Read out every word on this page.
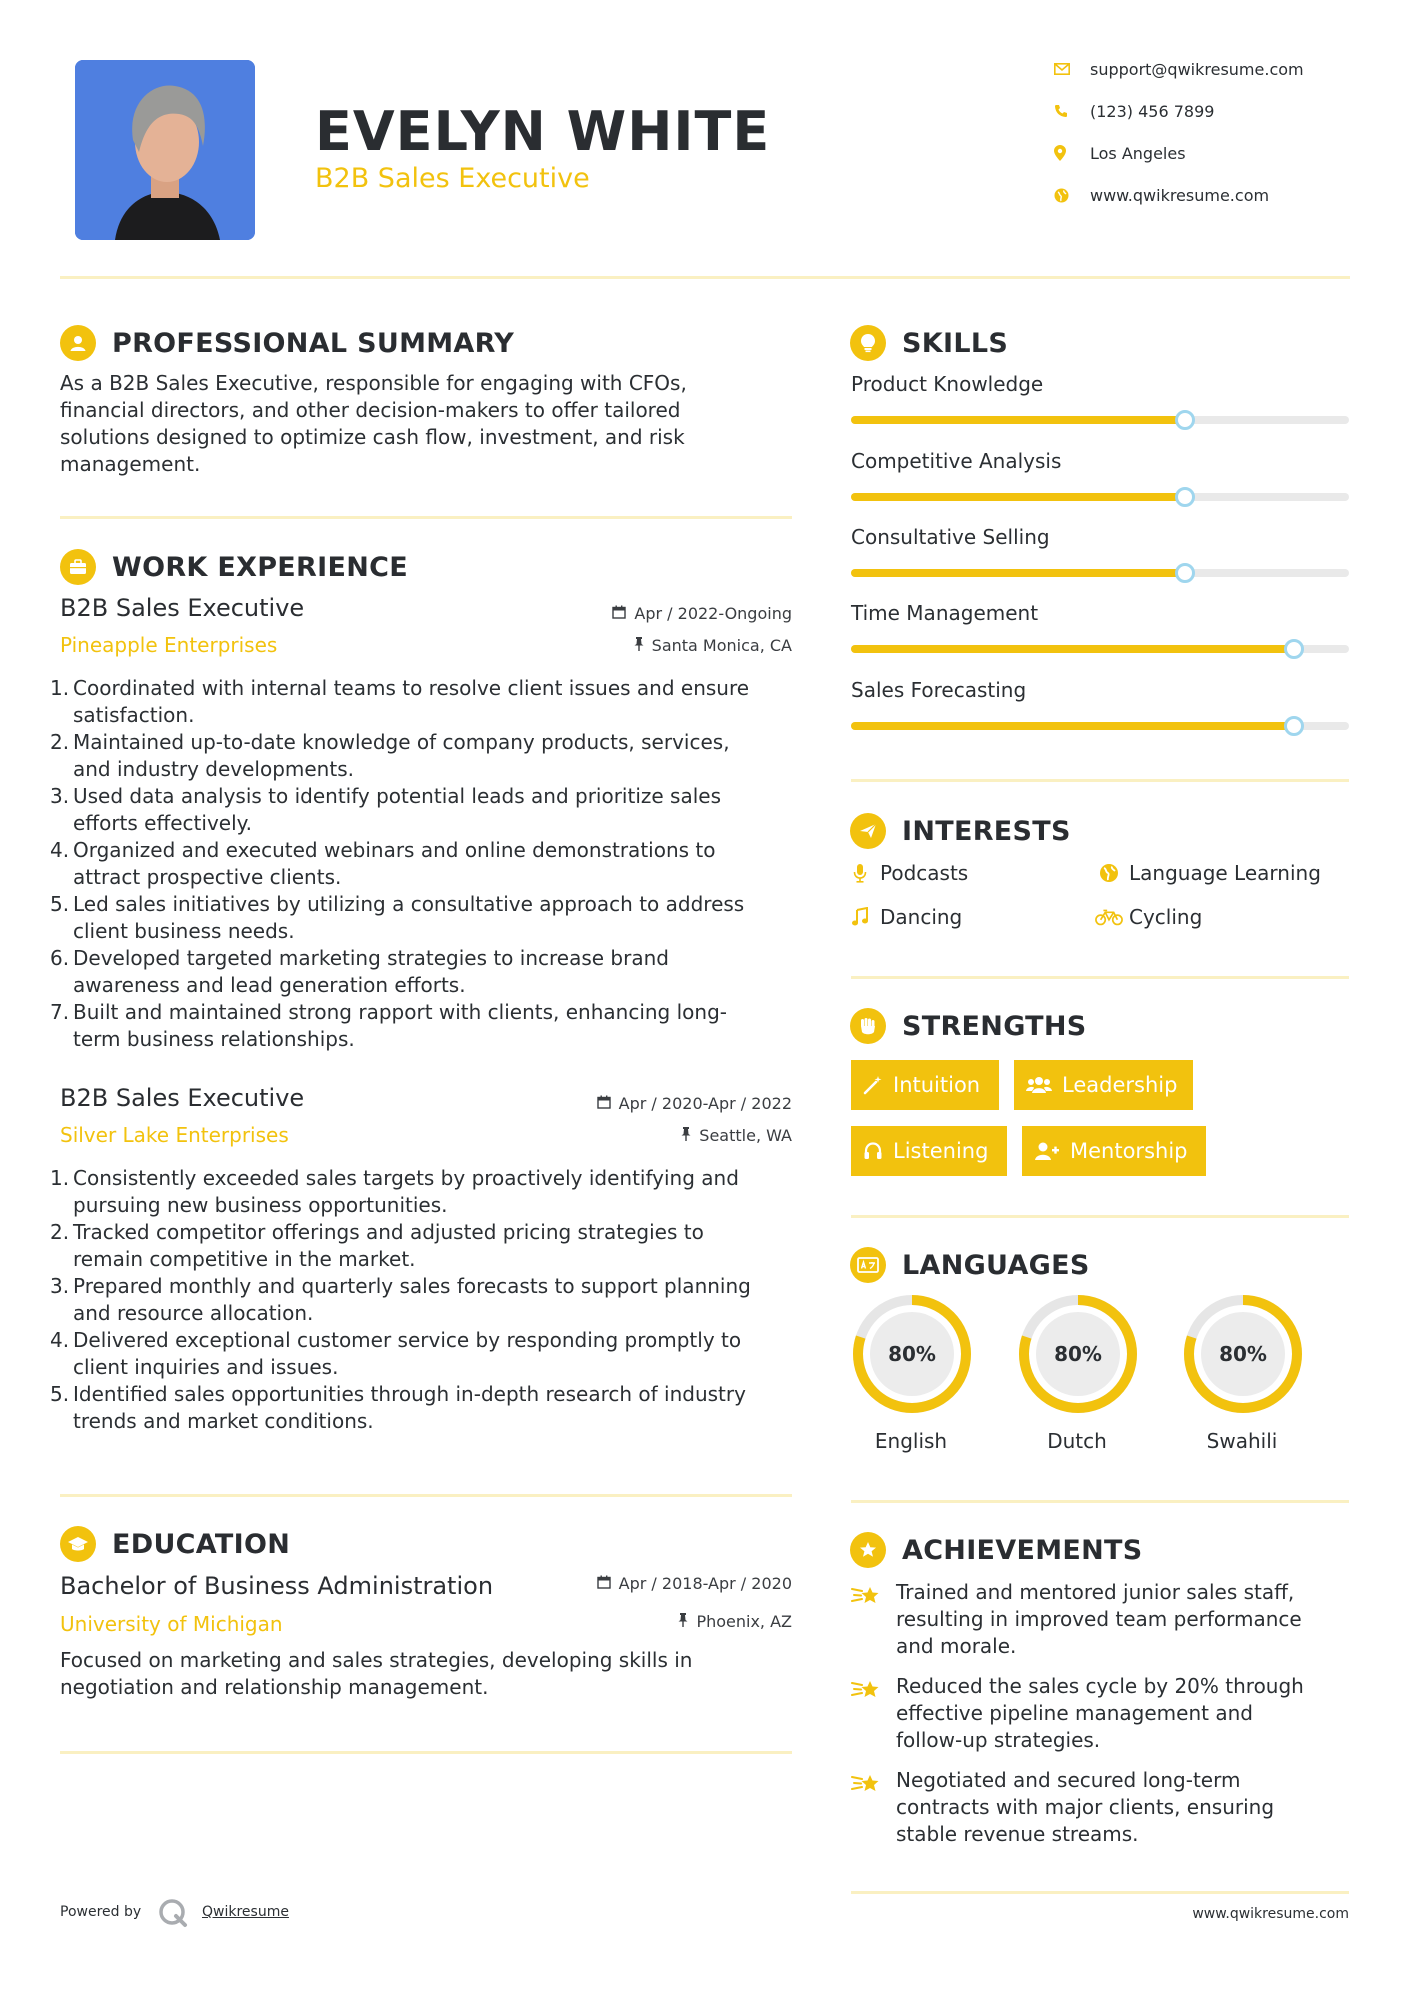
EVELYN WHITE
B2B Sales Executive
support@qwikresume.com
(123) 456 7899
Los Angeles
www.qwikresume.com
PROFESSIONAL SUMMARY
As a B2B Sales Executive, responsible for engaging with CFOs,
financial directors, and other decision-makers to offer tailored
solutions designed to optimize cash flow, investment, and risk
management.
WORK EXPERIENCE
B2B Sales Executive	Apr / 2022-Ongoing
Pineapple Enterprises	Santa Monica, CA
1. Coordinated with internal teams to resolve client issues and ensure
satisfaction.
2. Maintained up-to-date knowledge of company products, services,
and industry developments.
3. Used data analysis to identify potential leads and prioritize sales
efforts effectively.
4. Organized and executed webinars and online demonstrations to
attract prospective clients.
5. Led sales initiatives by utilizing a consultative approach to address
client business needs.
6. Developed targeted marketing strategies to increase brand
awareness and lead generation efforts.
7. Built and maintained strong rapport with clients, enhancing long-
term business relationships.
B2B Sales Executive	Apr / 2020-Apr / 2022
Silver Lake Enterprises	Seattle, WA
1. Consistently exceeded sales targets by proactively identifying and
pursuing new business opportunities.
2. Tracked competitor offerings and adjusted pricing strategies to
remain competitive in the market.
3. Prepared monthly and quarterly sales forecasts to support planning
and resource allocation.
4. Delivered exceptional customer service by responding promptly to
client inquiries and issues.
5. Identified sales opportunities through in-depth research of industry
trends and market conditions.
EDUCATION
Bachelor of Business Administration	Apr / 2018-Apr / 2020
University of Michigan	Phoenix, AZ
Focused on marketing and sales strategies, developing skills in
negotiation and relationship management.
SKILLS
Product Knowledge
Competitive Analysis
Consultative Selling
Time Management
Sales Forecasting
INTERESTS
Podcasts	Language Learning
Dancing	Cycling
STRENGTHS
Intuition	Leadership
Listening	Mentorship
LANGUAGES
80%
English
80%
Dutch
80%
Swahili
ACHIEVEMENTS
Trained and mentored junior sales staff,
resulting in improved team performance
and morale.
Reduced the sales cycle by 20% through
effective pipeline management and
follow-up strategies.
Negotiated and secured long-term
contracts with major clients, ensuring
stable revenue streams.
Powered by	Qwikresume	www.qwikresume.com
